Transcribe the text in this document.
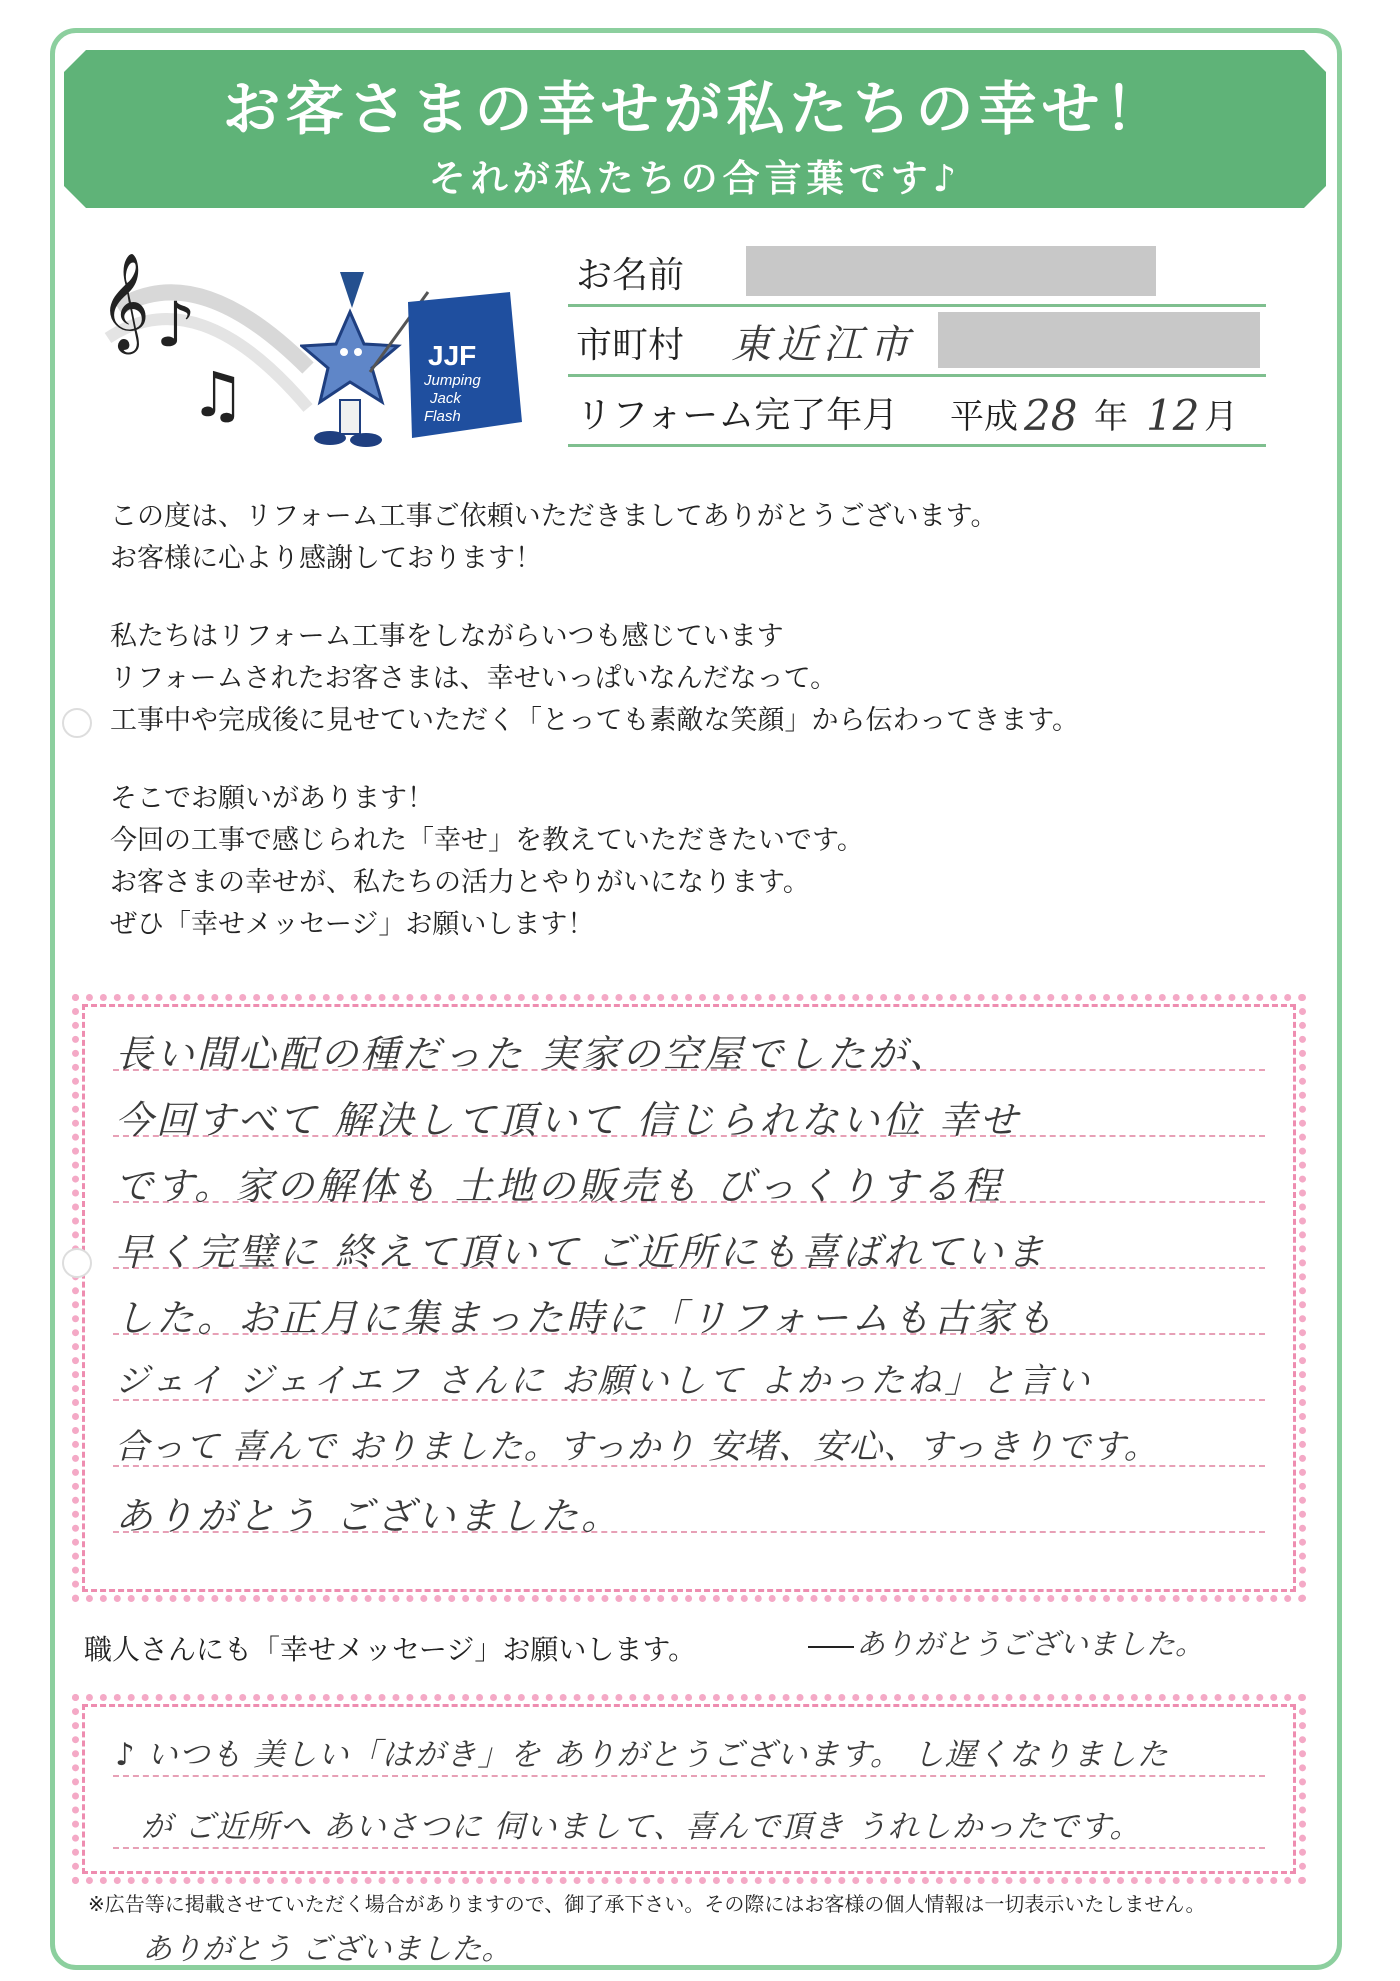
お客さまの幸せが私たちの幸せ！
それが私たちの合言葉です♪
𝄞 ♪
♫
JJF
Jumping
Jack
Flash
お名前
市町村 東近江市
リフォーム完了年月 平成 28 年 12 月

この度は、リフォーム工事ご依頼いただきましてありがとうございます。
お客様に心より感謝しております！

私たちはリフォーム工事をしながらいつも感じています
リフォームされたお客さまは、幸せいっぱいなんだなって。
工事中や完成後に見せていただく「とっても素敵な笑顔」から伝わってきます。

そこでお願いがあります！
今回の工事で感じられた「幸せ」を教えていただきたいです。
お客さまの幸せが、私たちの活力とやりがいになります。
ぜひ「幸せメッセージ」お願いします！

長い間心配の種だった 実家の空屋でしたが、
今回すべて 解決して頂いて 信じられない位 幸せ
です。家の解体も 土地の販売も びっくりする程
早く完璧に 終えて頂いて ご近所にも喜ばれていま
した。お正月に集まった時に「リフォームも古家も
ジェイ ジェイエフ さんに お願いして よかったね」と言い
合って 喜んで おりました。すっかり 安堵、安心、すっきりです。
ありがとう ございました。
職人さんにも「幸せメッセージ」お願いします。	ありがとうございました。
♪ いつも 美しい「はがき」を ありがとうございます。 し遅くなりました
が ご近所へ あいさつに 伺いまして、喜んで頂き うれしかったです。
※広告等に掲載させていただく場合がありますので、御了承下さい。その際にはお客様の個人情報は一切表示いたしません。
ありがとう ございました。
